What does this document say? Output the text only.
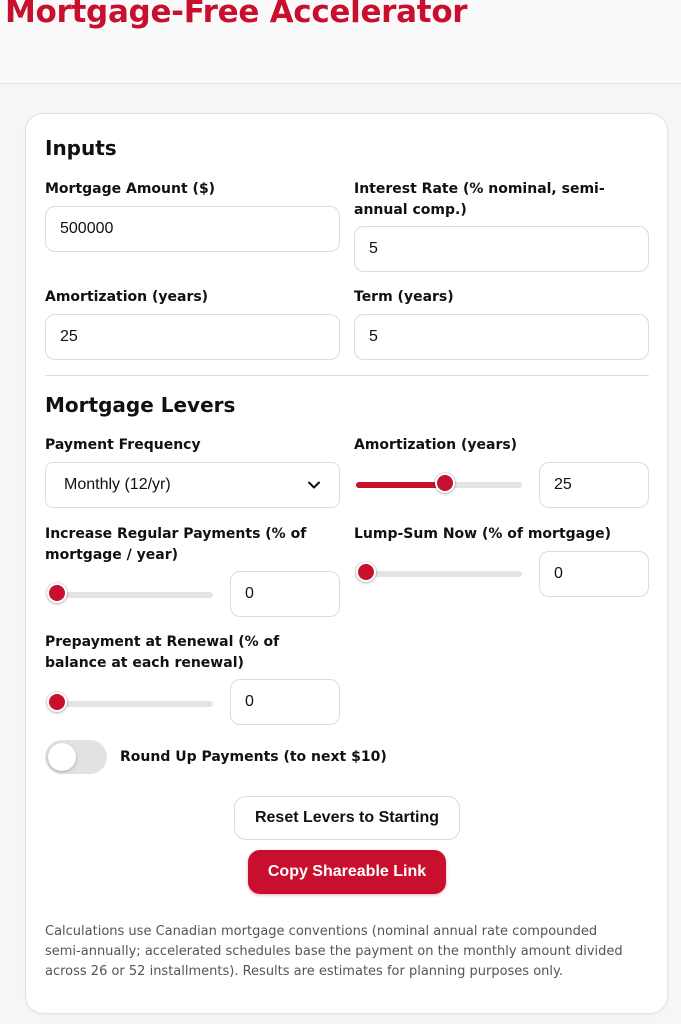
Mortgage-Free Accelerator
Inputs
Mortgage Amount ($)
500000
Interest Rate (% nominal, semi-annual comp.)
5
Amortization (years)
25
Term (years)
5
Mortgage Levers
Payment Frequency
Monthly (12/yr)
Amortization (years)
25
Increase Regular Payments (% of mortgage / year)
0
Lump-Sum Now (% of mortgage)
0
Prepayment at Renewal (% of balance at each renewal)
0
Round Up Payments (to next $10)
Reset Levers to Starting
Copy Shareable Link

Calculations use Canadian mortgage conventions (nominal annual rate compounded semi-annually; accelerated schedules base the payment on the monthly amount divided across 26 or 52 installments). Results are estimates for planning purposes only.
